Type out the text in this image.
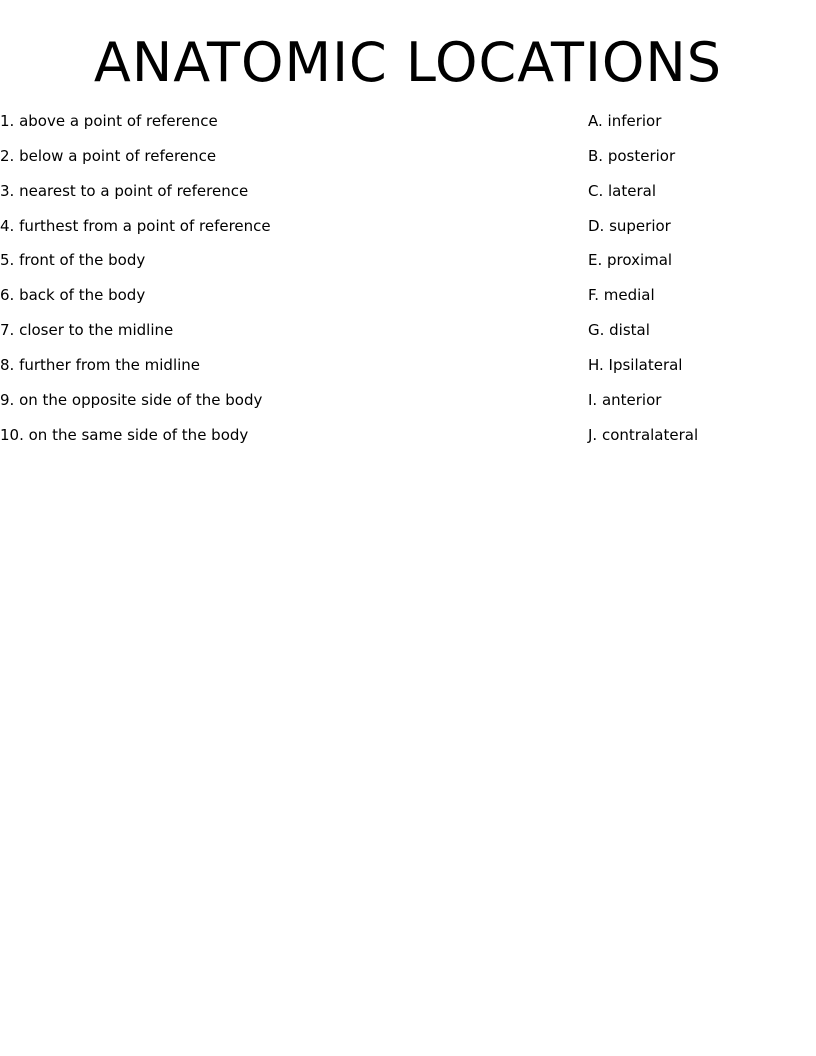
ANATOMIC LOCATIONS
1. above a point of reference
2. below a point of reference
3. nearest to a point of reference
4. furthest from a point of reference
5. front of the body
6. back of the body
7. closer to the midline
8. further from the midline
9. on the opposite side of the body
10. on the same side of the body
A. inferior
B. posterior
C. lateral
D. superior
E. proximal
F. medial
G. distal
H. Ipsilateral
I. anterior
J. contralateral
